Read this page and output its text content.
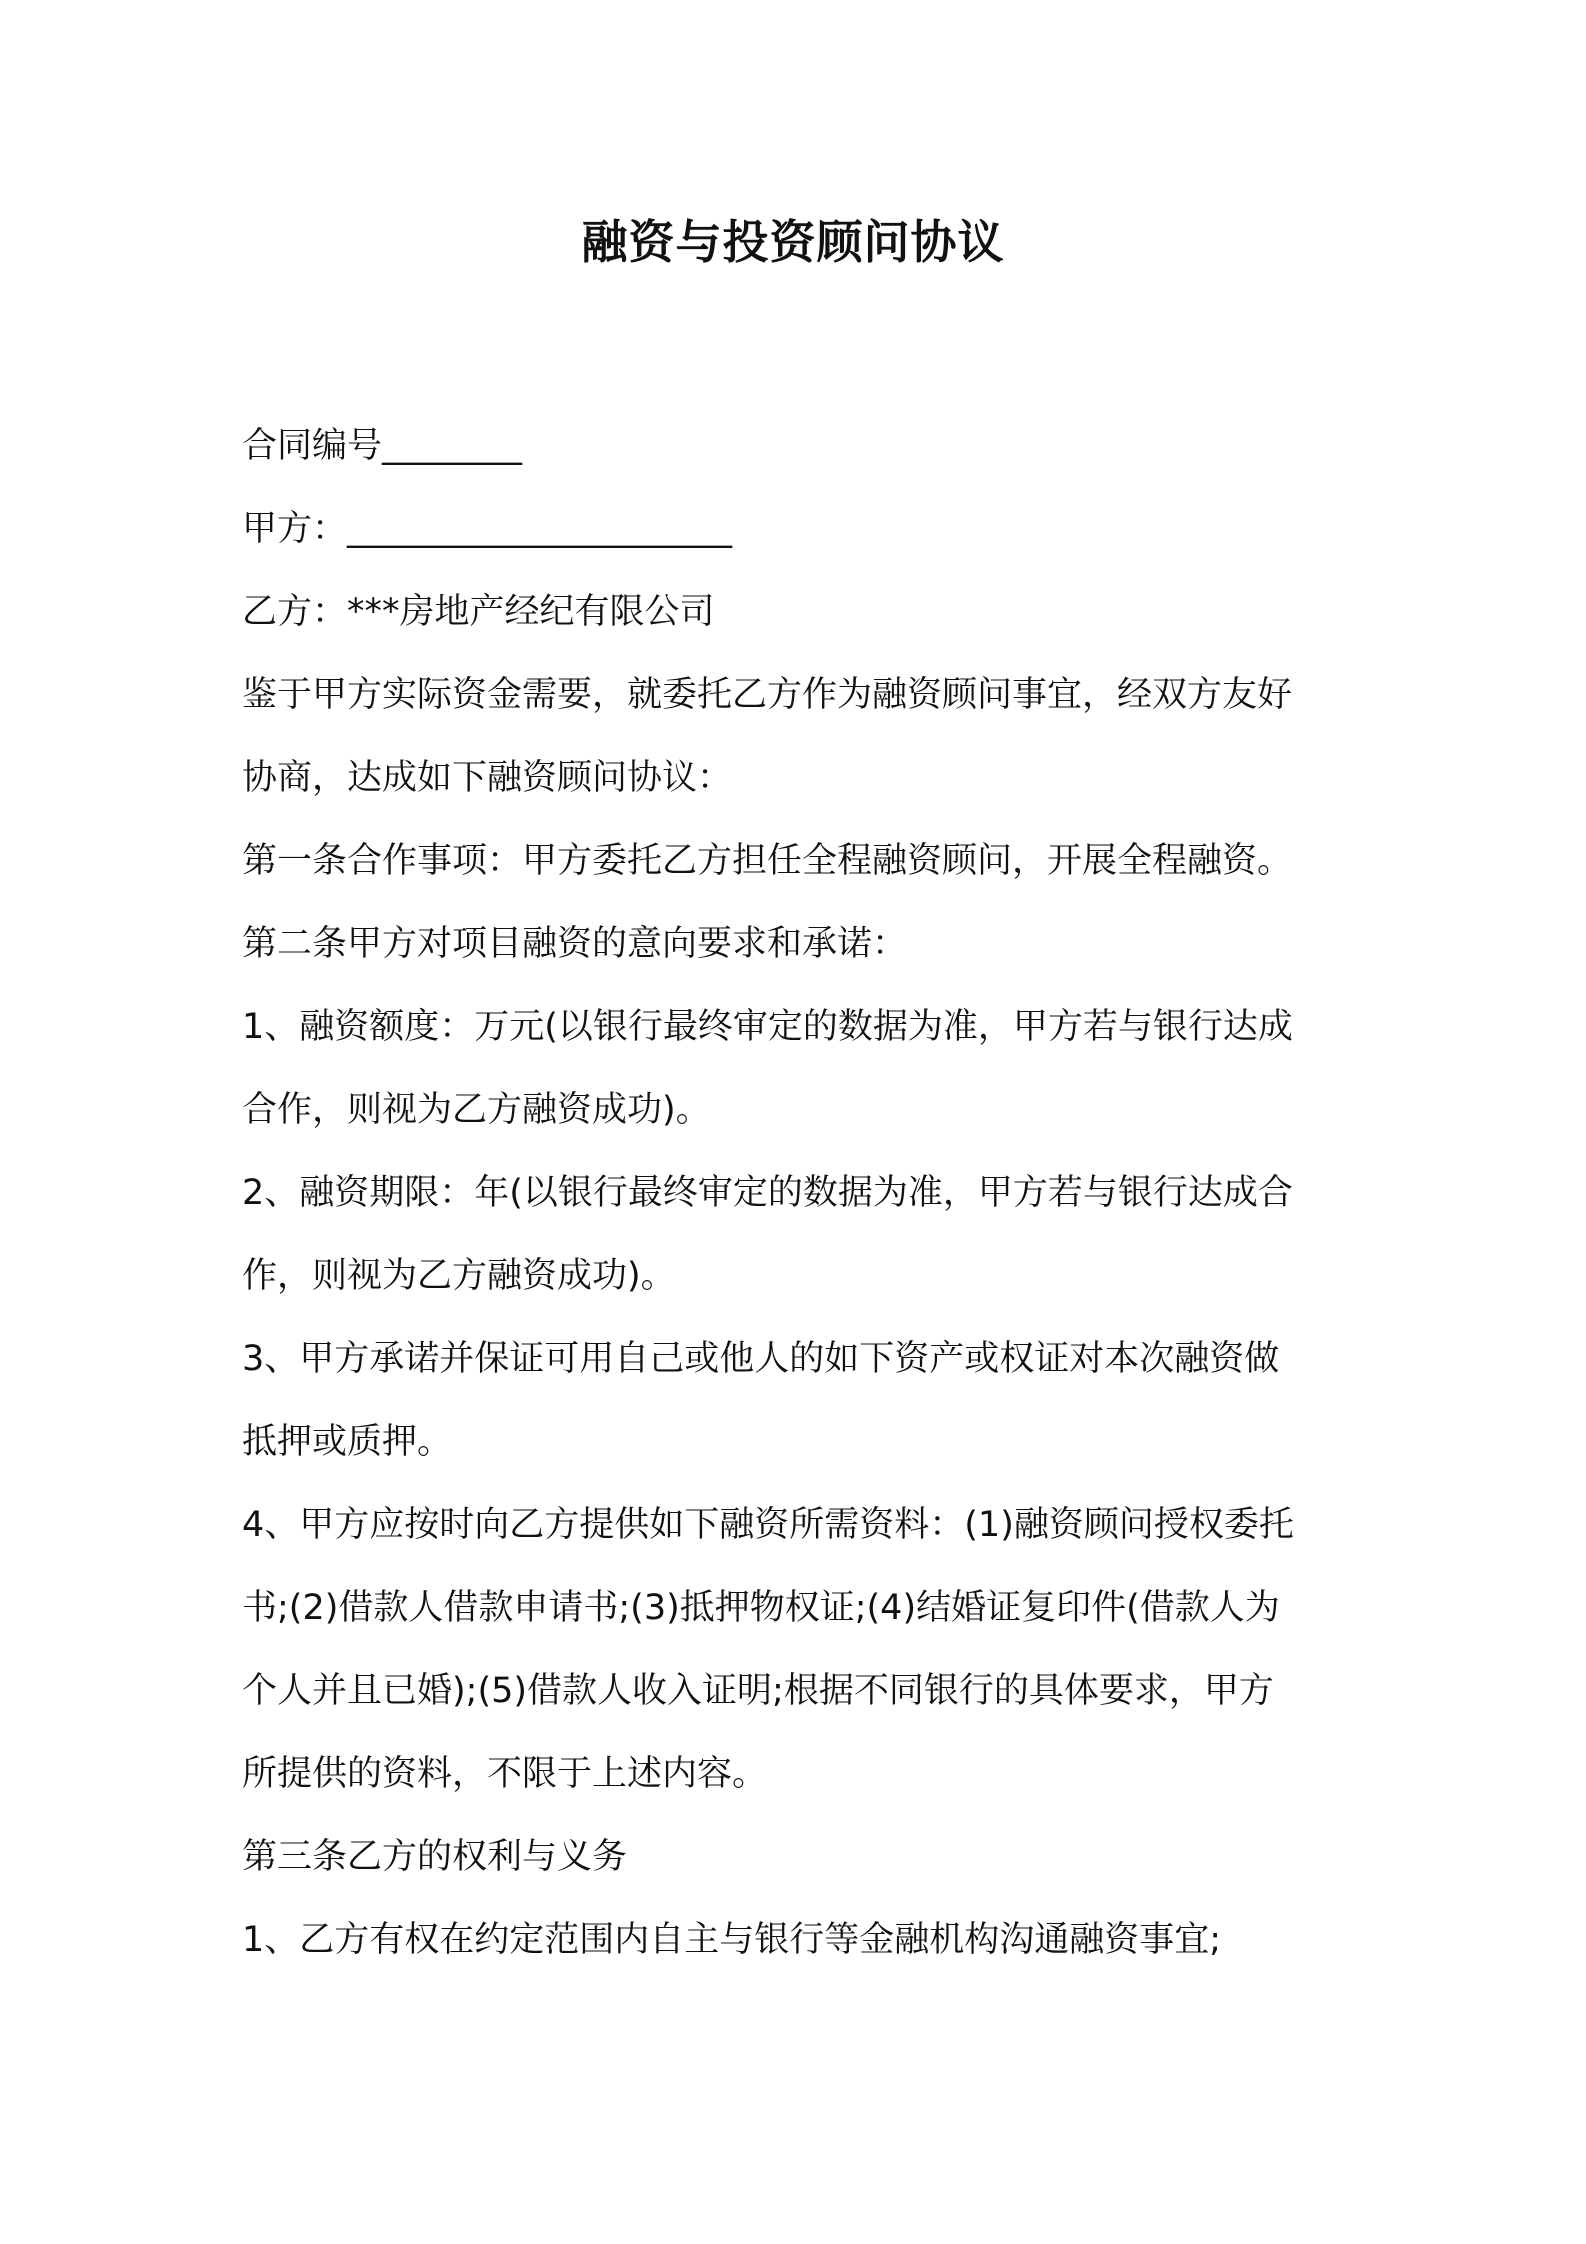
融资与投资顾问协议
合同编号________
甲方：______________________
乙方：***房地产经纪有限公司
鉴于甲方实际资金需要，就委托乙方作为融资顾问事宜，经双方友好
协商，达成如下融资顾问协议：
第一条合作事项：甲方委托乙方担任全程融资顾问，开展全程融资。
第二条甲方对项目融资的意向要求和承诺：
1、融资额度：万元(以银行最终审定的数据为准，甲方若与银行达成
合作，则视为乙方融资成功)。
2、融资期限：年(以银行最终审定的数据为准，甲方若与银行达成合
作，则视为乙方融资成功)。
3、甲方承诺并保证可用自己或他人的如下资产或权证对本次融资做
抵押或质押。
4、甲方应按时向乙方提供如下融资所需资料：(1)融资顾问授权委托
书;(2)借款人借款申请书;(3)抵押物权证;(4)结婚证复印件(借款人为
个人并且已婚);(5)借款人收入证明;根据不同银行的具体要求，甲方
所提供的资料，不限于上述内容。
第三条乙方的权利与义务
1、乙方有权在约定范围内自主与银行等金融机构沟通融资事宜;
